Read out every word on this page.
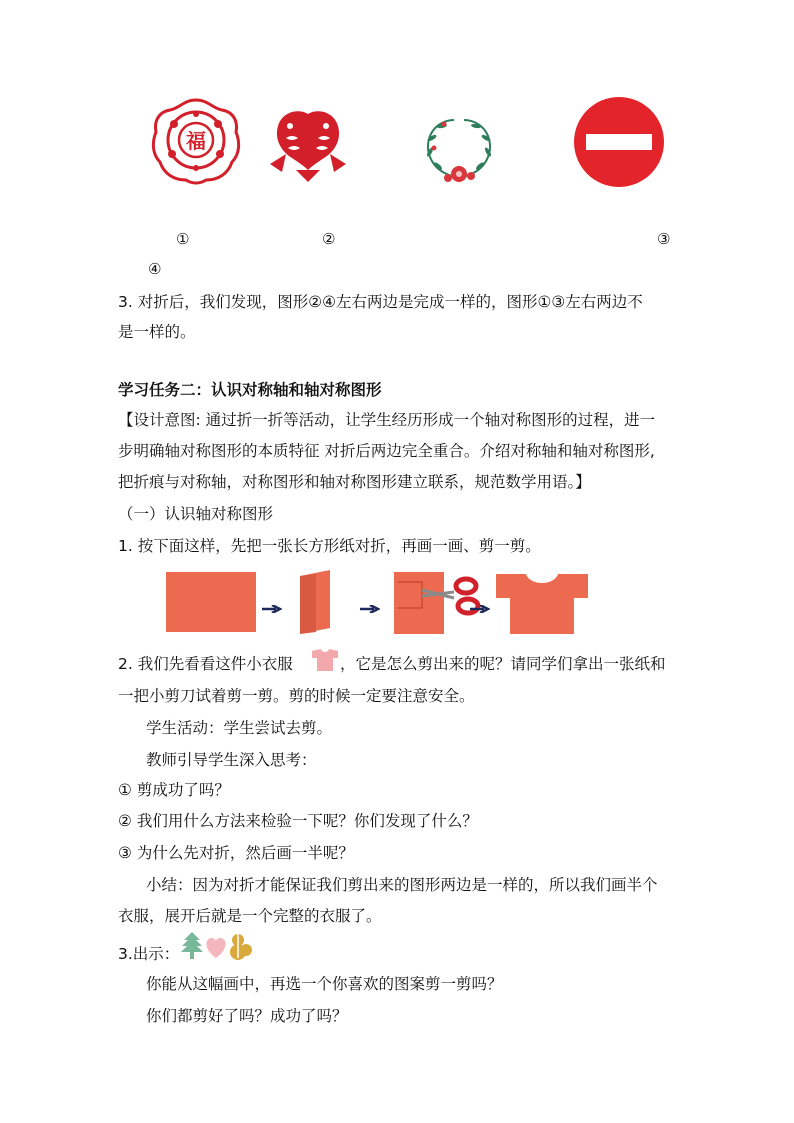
福
①	②	③
④
3. 对折后，我们发现，图形②④左右两边是完成一样的，图形①③左右两边不
是一样的。
学习任务二：认识对称轴和轴对称图形
【设计意图: 通过折一折等活动，让学生经历形成一个轴对称图形的过程，进一
步明确轴对称图形的本质特征 对折后两边完全重合。介绍对称轴和轴对称图形,
把折痕与对称轴，对称图形和轴对称图形建立联系，规范数学用语。】
（一）认识轴对称图形
1. 按下面这样，先把一张长方形纸对折，再画一画、剪一剪。
2. 我们先看看这件小衣服	，它是怎么剪出来的呢？请同学们拿出一张纸和
一把小剪刀试着剪一剪。剪的时候一定要注意安全。
学生活动：学生尝试去剪。
教师引导学生深入思考：
① 剪成功了吗？
② 我们用什么方法来检验一下呢？你们发现了什么？
③ 为什么先对折，然后画一半呢？
小结：因为对折才能保证我们剪出来的图形两边是一样的，所以我们画半个
衣服，展开后就是一个完整的衣服了。
3.出示：
你能从这幅画中，再选一个你喜欢的图案剪一剪吗？
你们都剪好了吗？成功了吗？
